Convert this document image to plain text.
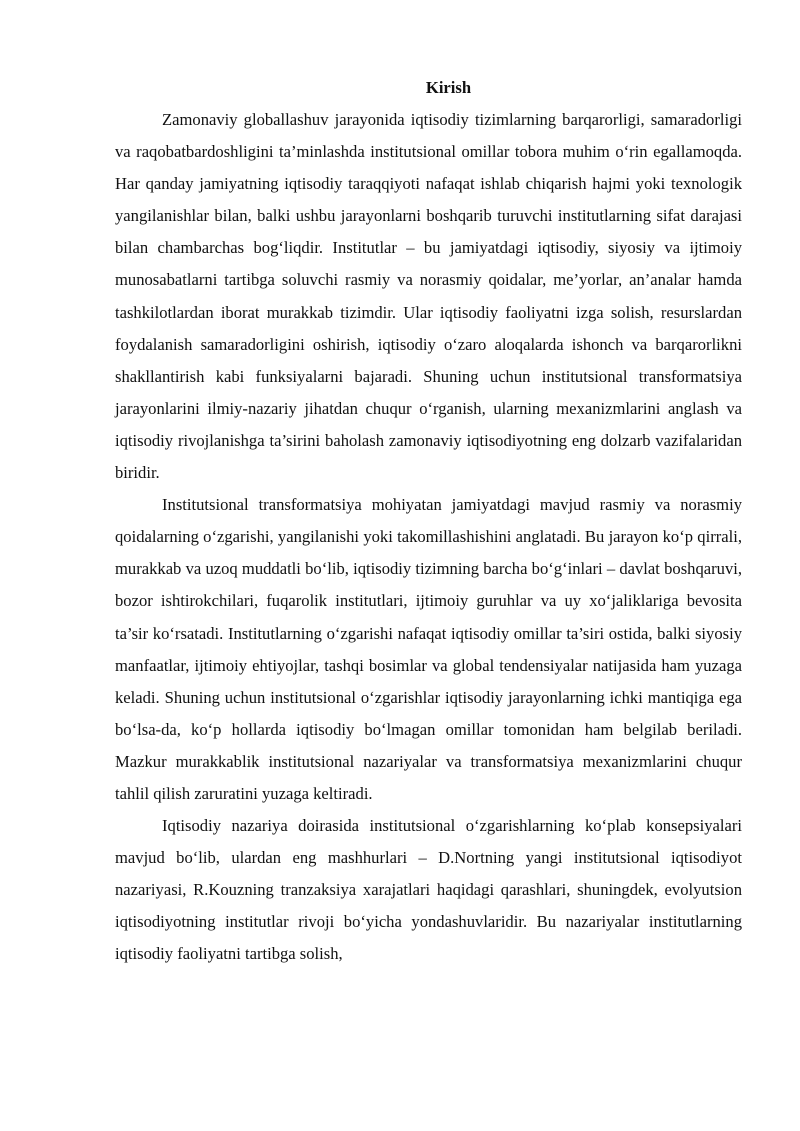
Kirish

Zamonaviy globallashuv jarayonida iqtisodiy tizimlarning barqarorligi, samaradorligi va raqobatbardoshligini ta’minlashda institutsional omillar tobora muhim o‘rin egallamoqda. Har qanday jamiyatning iqtisodiy taraqqiyoti nafaqat ishlab chiqarish hajmi yoki texnologik yangilanishlar bilan, balki ushbu jarayonlarni boshqarib turuvchi institutlarning sifat darajasi bilan chambarchas bog‘liqdir. Institutlar – bu jamiyatdagi iqtisodiy, siyosiy va ijtimoiy munosabatlarni tartibga soluvchi rasmiy va norasmiy qoidalar, me’yorlar, an’analar hamda tashkilotlardan iborat murakkab tizimdir. Ular iqtisodiy faoliyatni izga solish, resurslardan foydalanish samaradorligini oshirish, iqtisodiy o‘zaro aloqalarda ishonch va barqarorlikni shakllantirish kabi funksiyalarni bajaradi. Shuning uchun institutsional transformatsiya jarayonlarini ilmiy-nazariy jihatdan chuqur o‘rganish, ularning mexanizmlarini anglash va iqtisodiy rivojlanishga ta’sirini baholash zamonaviy iqtisodiyotning eng dolzarb vazifalaridan biridir.

Institutsional transformatsiya mohiyatan jamiyatdagi mavjud rasmiy va norasmiy qoidalarning o‘zgarishi, yangilanishi yoki takomillashishini anglatadi. Bu jarayon ko‘p qirrali, murakkab va uzoq muddatli bo‘lib, iqtisodiy tizimning barcha bo‘g‘inlari – davlat boshqaruvi, bozor ishtirokchilari, fuqarolik institutlari, ijtimoiy guruhlar va uy xo‘jaliklariga bevosita ta’sir ko‘rsatadi. Institutlarning o‘zgarishi nafaqat iqtisodiy omillar ta’siri ostida, balki siyosiy manfaatlar, ijtimoiy ehtiyojlar, tashqi bosimlar va global tendensiyalar natijasida ham yuzaga keladi. Shuning uchun institutsional o‘zgarishlar iqtisodiy jarayonlarning ichki mantiqiga ega bo‘lsa-da, ko‘p hollarda iqtisodiy bo‘lmagan omillar tomonidan ham belgilab beriladi. Mazkur murakkablik institutsional nazariyalar va transformatsiya mexanizmlarini chuqur tahlil qilish zaruratini yuzaga keltiradi.

Iqtisodiy nazariya doirasida institutsional o‘zgarishlarning ko‘plab konsepsiyalari mavjud bo‘lib, ulardan eng mashhurlari – D.Nortning yangi institutsional iqtisodiyot nazariyasi, R.Kouzning tranzaksiya xarajatlari haqidagi qarashlari, shuningdek, evolyutsion iqtisodiyotning institutlar rivoji bo‘yicha yondashuvlaridir. Bu nazariyalar institutlarning iqtisodiy faoliyatni tartibga solish,
